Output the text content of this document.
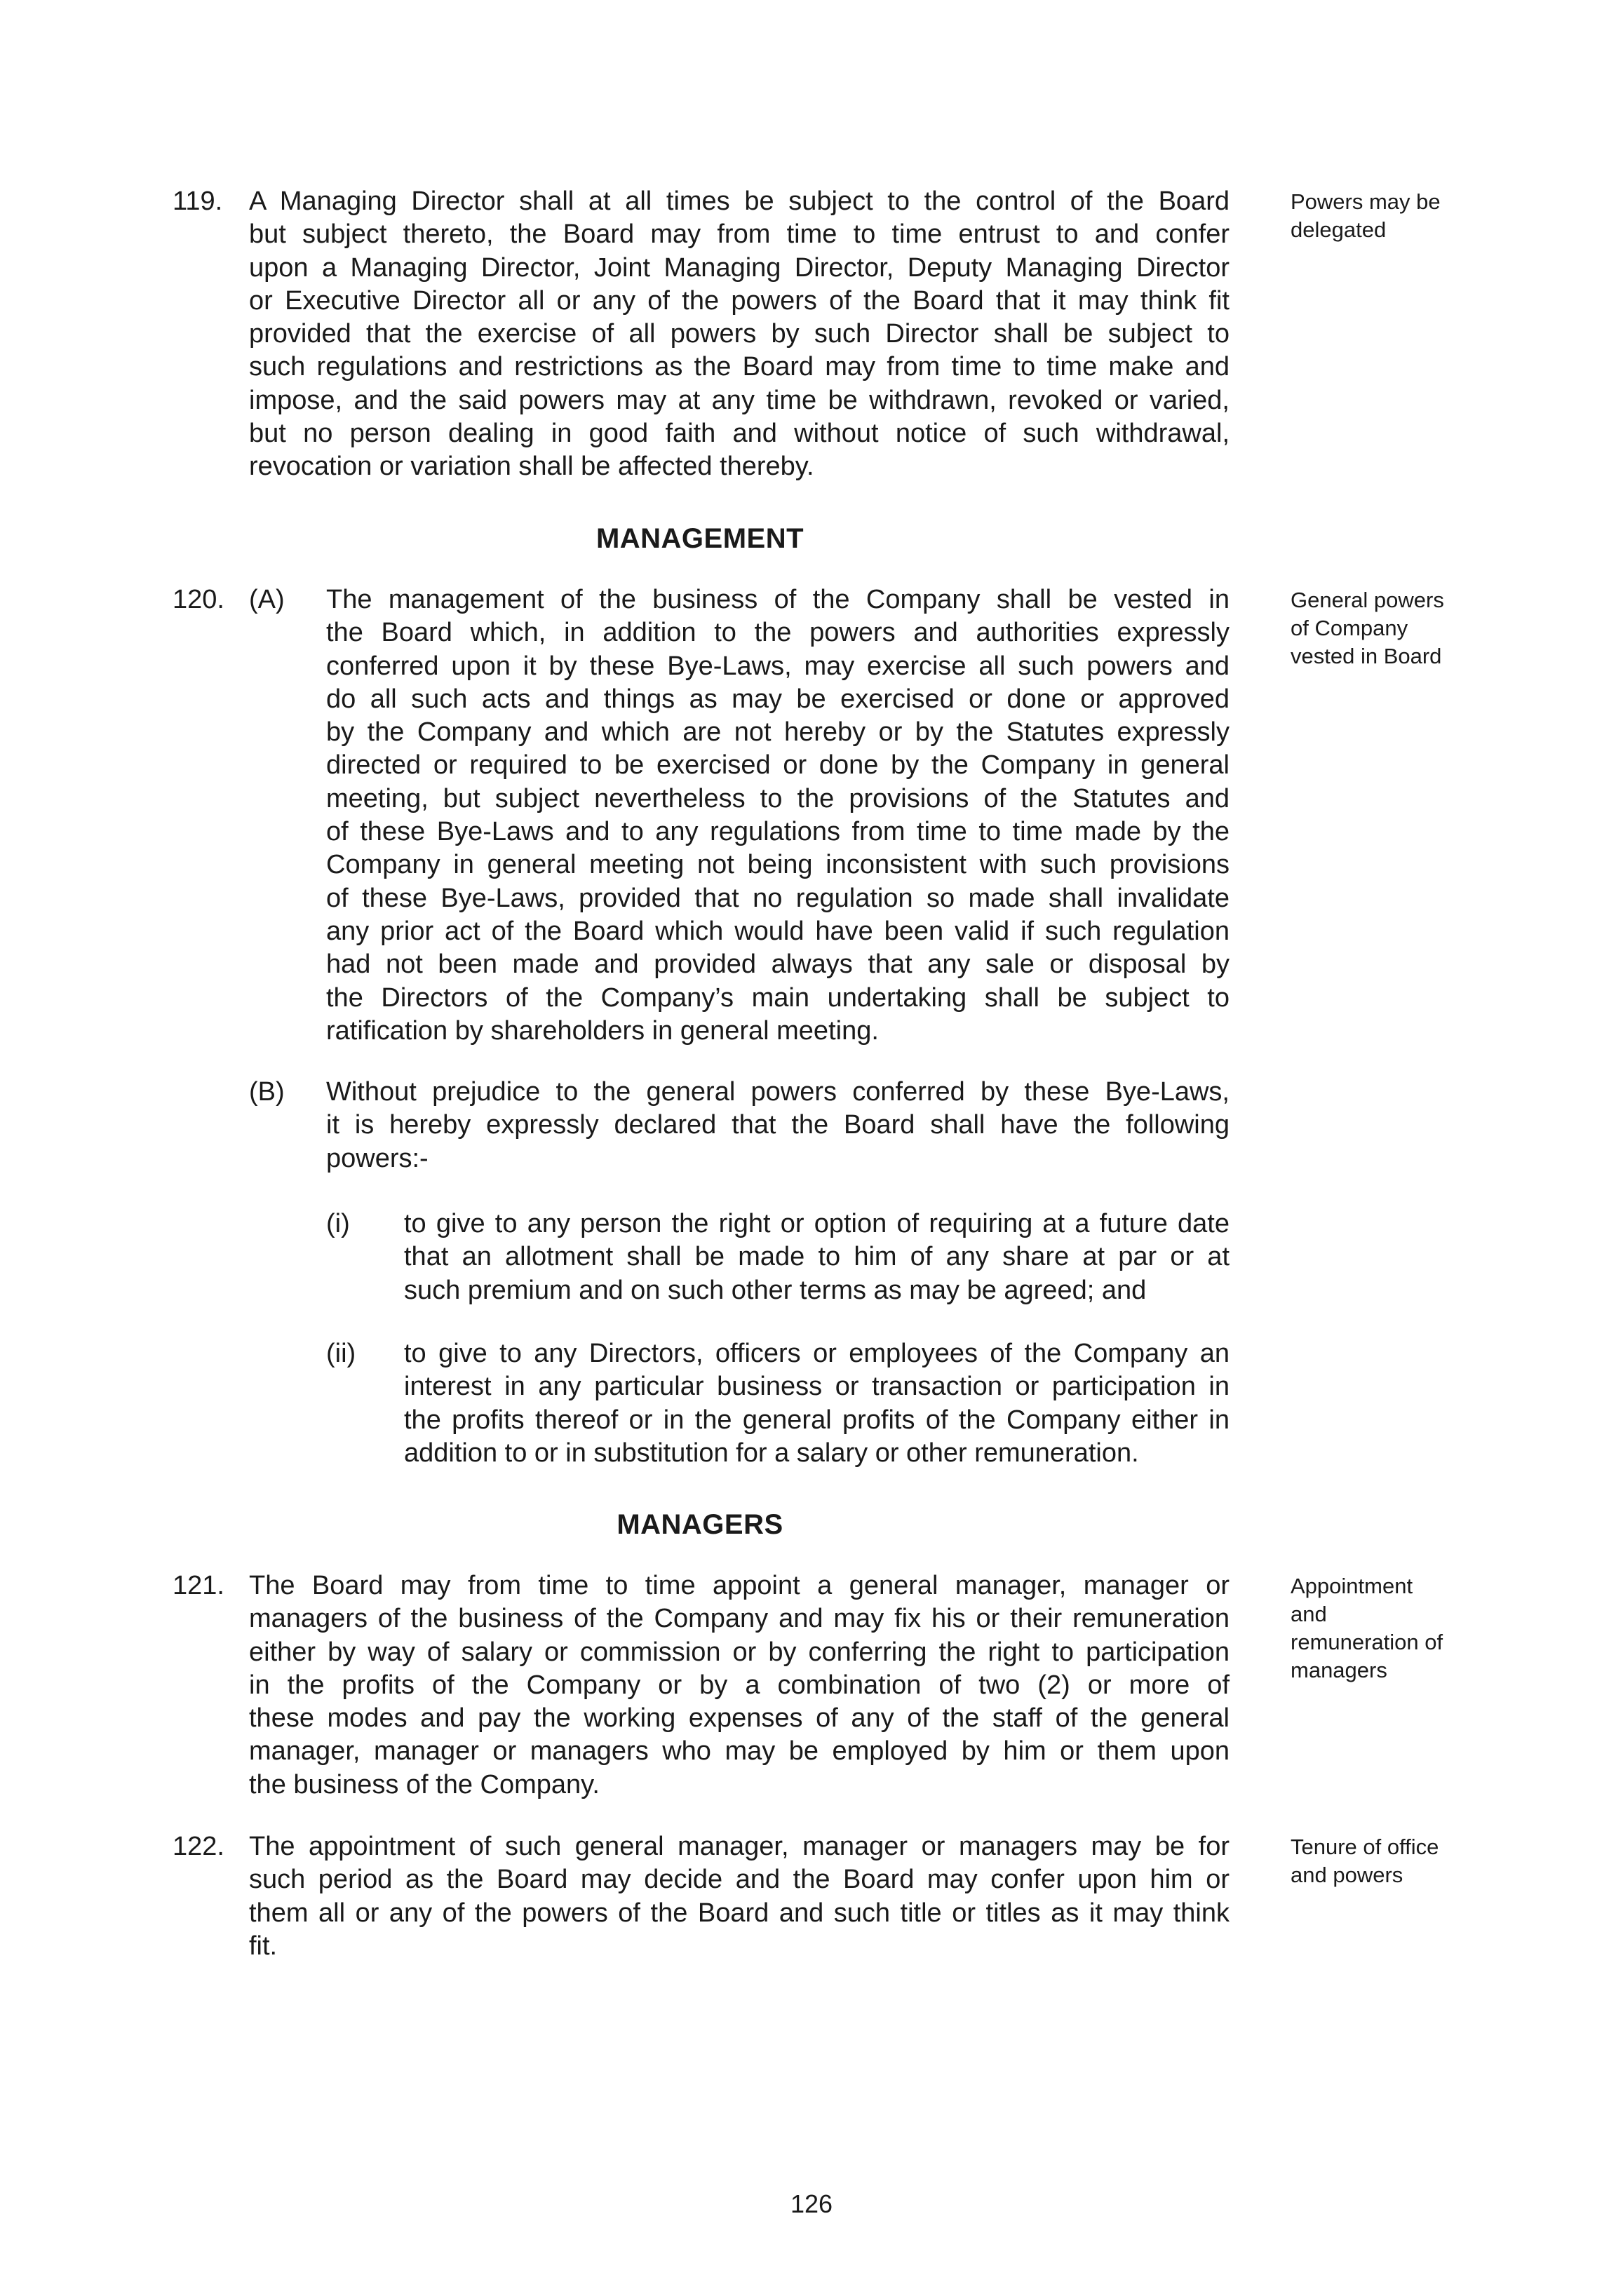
119. A Managing Director shall at all times be subject to the control of the Board
but subject thereto, the Board may from time to time entrust to and confer
upon a Managing Director, Joint Managing Director, Deputy Managing Director
or Executive Director all or any of the powers of the Board that it may think fit
provided that the exercise of all powers by such Director shall be subject to
such regulations and restrictions as the Board may from time to time make and
impose, and the said powers may at any time be withdrawn, revoked or varied,
but no person dealing in good faith and without notice of such withdrawal,
revocation or variation shall be affected thereby.
Powers may be
delegated
MANAGEMENT
120. (A) The management of the business of the Company shall be vested in
the Board which, in addition to the powers and authorities expressly
conferred upon it by these Bye-Laws, may exercise all such powers and
do all such acts and things as may be exercised or done or approved
by the Company and which are not hereby or by the Statutes expressly
directed or required to be exercised or done by the Company in general
meeting, but subject nevertheless to the provisions of the Statutes and
of these Bye-Laws and to any regulations from time to time made by the
Company in general meeting not being inconsistent with such provisions
of these Bye-Laws, provided that no regulation so made shall invalidate
any prior act of the Board which would have been valid if such regulation
had not been made and provided always that any sale or disposal by
the Directors of the Company’s main undertaking shall be subject to
ratification by shareholders in general meeting.
General powers
of Company
vested in Board
(B) Without prejudice to the general powers conferred by these Bye-Laws,
it is hereby expressly declared that the Board shall have the following
powers:-
(i) to give to any person the right or option of requiring at a future date
that an allotment shall be made to him of any share at par or at
such premium and on such other terms as may be agreed; and
(ii) to give to any Directors, officers or employees of the Company an
interest in any particular business or transaction or participation in
the profits thereof or in the general profits of the Company either in
addition to or in substitution for a salary or other remuneration.
MANAGERS
121. The Board may from time to time appoint a general manager, manager or
managers of the business of the Company and may fix his or their remuneration
either by way of salary or commission or by conferring the right to participation
in the profits of the Company or by a combination of two (2) or more of
these modes and pay the working expenses of any of the staff of the general
manager, manager or managers who may be employed by him or them upon
the business of the Company.
Appointment
and
remuneration of
managers
122. The appointment of such general manager, manager or managers may be for
such period as the Board may decide and the Board may confer upon him or
them all or any of the powers of the Board and such title or titles as it may think
fit.
Tenure of office
and powers
126
